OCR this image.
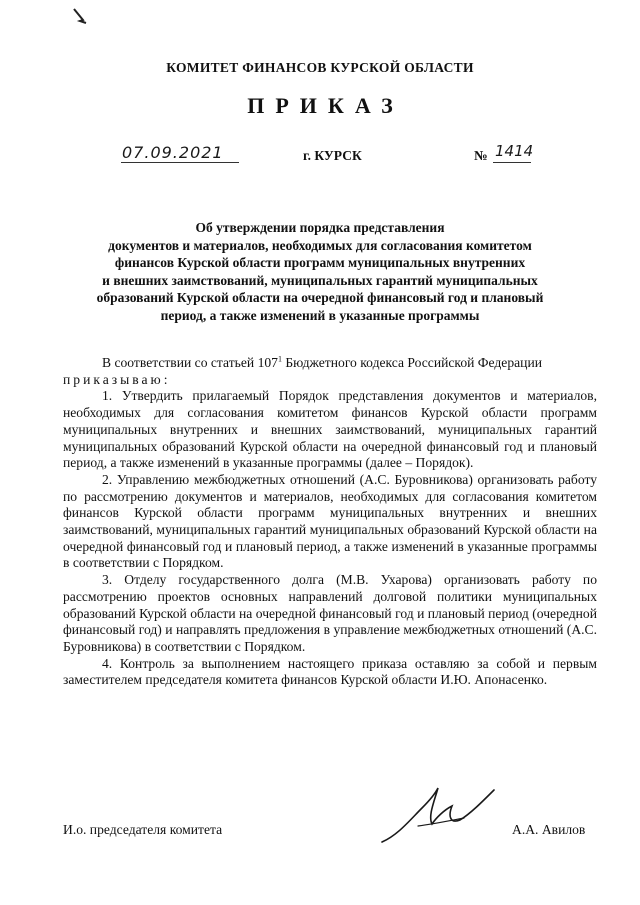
КОМИТЕТ ФИНАНСОВ КУРСКОЙ ОБЛАСТИ
ПРИКАЗ
07.09.2021	г. КУРСК	№ 1414
Об утверждении порядка представления
документов и материалов, необходимых для согласования комитетом
финансов Курской области программ муниципальных внутренних
и внешних заимствований, муниципальных гарантий муниципальных
образований Курской области на очередной финансовый год и плановый
период, а также изменений в указанные программы

В соответствии со статьей $107^1$ Бюджетного кодекса Российской Федерации

приказываю:

1. Утвердить прилагаемый Порядок представления документов и материалов, необходимых для согласования комитетом финансов Курской области программ муниципальных внутренних и внешних заимствований, муниципальных гарантий муниципальных образований Курской области на очередной финансовый год и плановый период, а также изменений в указанные программы (далее – Порядок).

2. Управлению межбюджетных отношений (А.С. Буровникова) организовать работу по рассмотрению документов и материалов, необходимых для согласования комитетом финансов Курской области программ муниципальных внутренних и внешних заимствований, муниципальных гарантий муниципальных образований Курской области на очередной финансовый год и плановый период, а также изменений в указанные программы в соответствии с Порядком.

3. Отделу государственного долга (М.В. Ухарова) организовать работу по рассмотрению проектов основных направлений долговой политики муниципальных образований Курской области на очередной финансовый год и плановый период (очередной финансовый год) и направлять предложения в управление межбюджетных отношений (А.С. Буровникова) в соответствии с Порядком.

4. Контроль за выполнением настоящего приказа оставляю за собой и первым заместителем председателя комитета финансов Курской области И.Ю. Апонасенко.

И.о. председателя комитета	А.А. Авилов
